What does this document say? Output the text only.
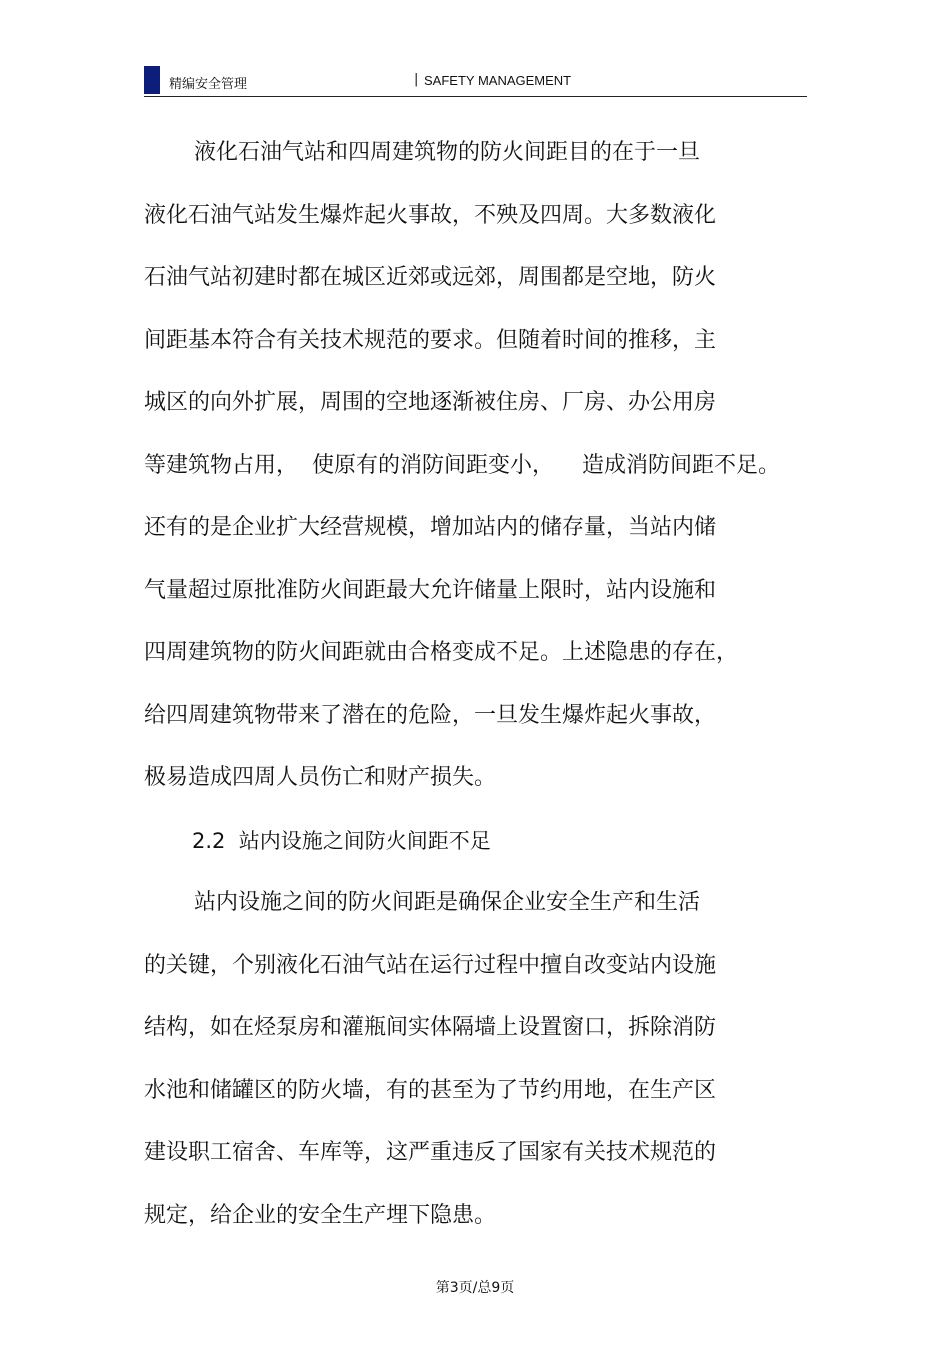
精编安全管理	| SAFETY MANAGEMENT
液化石油气站和四周建筑物的防火间距目的在于一旦
液化石油气站发生爆炸起火事故，不殃及四周。大多数液化
石油气站初建时都在城区近郊或远郊，周围都是空地，防火
间距基本符合有关技术规范的要求。但随着时间的推移，主
城区的向外扩展，周围的空地逐渐被住房、厂房、办公用房
等建筑物占用，  使原有的消防间距变小，    造成消防间距不足。
还有的是企业扩大经营规模，增加站内的储存量，当站内储
气量超过原批准防火间距最大允许储量上限时，站内设施和
四周建筑物的防火间距就由合格变成不足。上述隐患的存在，
给四周建筑物带来了潜在的危险，一旦发生爆炸起火事故，
极易造成四周人员伤亡和财产损失。
2.2  站内设施之间防火间距不足
站内设施之间的防火间距是确保企业安全生产和生活
的关键，个别液化石油气站在运行过程中擅自改变站内设施
结构，如在烃泵房和灌瓶间实体隔墙上设置窗口，拆除消防
水池和储罐区的防火墙，有的甚至为了节约用地，在生产区
建设职工宿舍、车库等，这严重违反了国家有关技术规范的
规定，给企业的安全生产埋下隐患。
第3页/总9页
